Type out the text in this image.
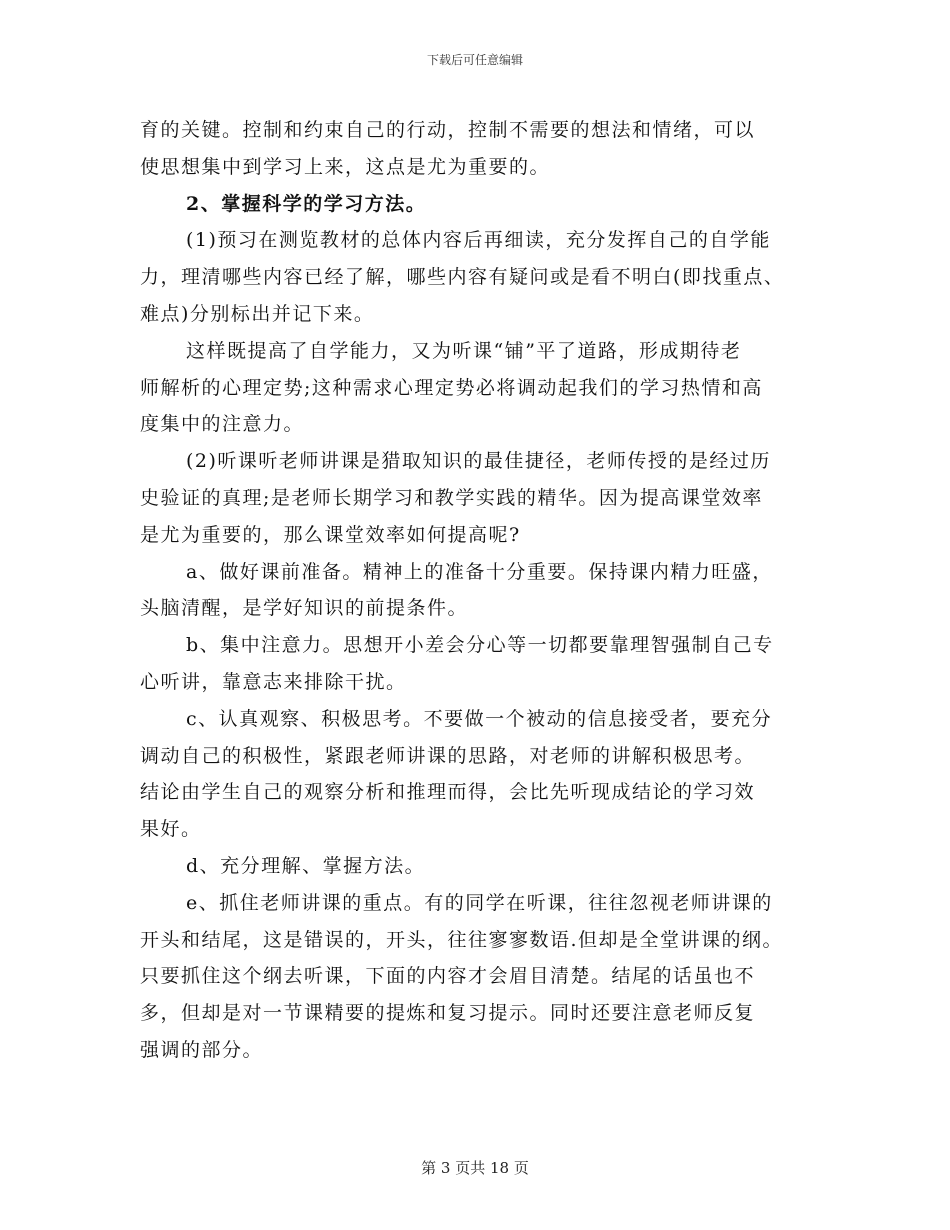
下载后可任意编辑
育的关键。控制和约束自己的行动，控制不需要的想法和情绪，可以
使思想集中到学习上来，这点是尤为重要的。
2、掌握科学的学习方法。
(1)预习在测览教材的总体内容后再细读，充分发挥自己的自学能
力，理清哪些内容已经了解，哪些内容有疑问或是看不明白(即找重点、
难点)分别标出并记下来。
这样既提高了自学能力，又为听课“铺”平了道路，形成期待老
师解析的心理定势;这种需求心理定势必将调动起我们的学习热情和高
度集中的注意力。
(2)听课听老师讲课是猎取知识的最佳捷径，老师传授的是经过历
史验证的真理;是老师长期学习和教学实践的精华。因为提高课堂效率
是尤为重要的，那么课堂效率如何提高呢?
a、做好课前准备。精神上的准备十分重要。保持课内精力旺盛，
头脑清醒，是学好知识的前提条件。
b、集中注意力。思想开小差会分心等一切都要靠理智强制自己专
心听讲，靠意志来排除干扰。
c、认真观察、积极思考。不要做一个被动的信息接受者，要充分
调动自己的积极性，紧跟老师讲课的思路，对老师的讲解积极思考。
结论由学生自己的观察分析和推理而得，会比先听现成结论的学习效
果好。
d、充分理解、掌握方法。
e、抓住老师讲课的重点。有的同学在听课，往往忽视老师讲课的
开头和结尾，这是错误的，开头，往往寥寥数语.但却是全堂讲课的纲。
只要抓住这个纲去听课，下面的内容才会眉目清楚。结尾的话虽也不
多，但却是对一节课精要的提炼和复习提示。同时还要注意老师反复
强调的部分。
第 3 页共 18 页
